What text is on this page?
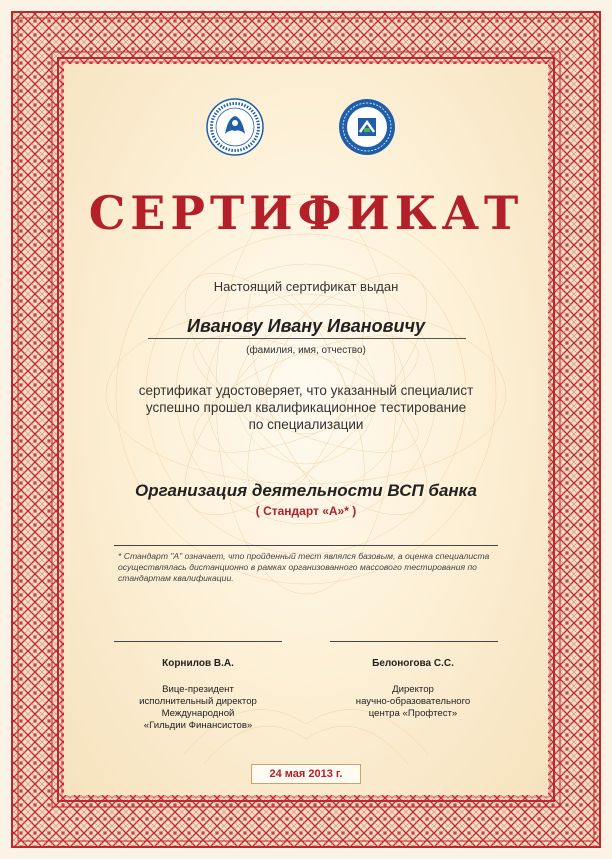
СЕРТИФИКАТ
Настоящий сертификат выдан
Иванову Ивану Ивановичу
(фамилия, имя, отчество)
сертификат удостоверяет, что указанный специалист
успешно прошел квалификационное тестирование
по специализации
Организация деятельности ВСП банка
( Стандарт «А»* )
* Стандарт "А" означает, что пройденный тест являлся базовым, а оценка специалиста осуществлялась дистанционно в рамках организованного массового тестирования по стандартам квалификации.
Корнилов В.А.	Белоногова С.С.
Вице-президент
исполнительный директор
Международной
«Гильдии Финансистов»
Директор
научно-образовательного
центра «Профтест»
24 мая 2013 г.
